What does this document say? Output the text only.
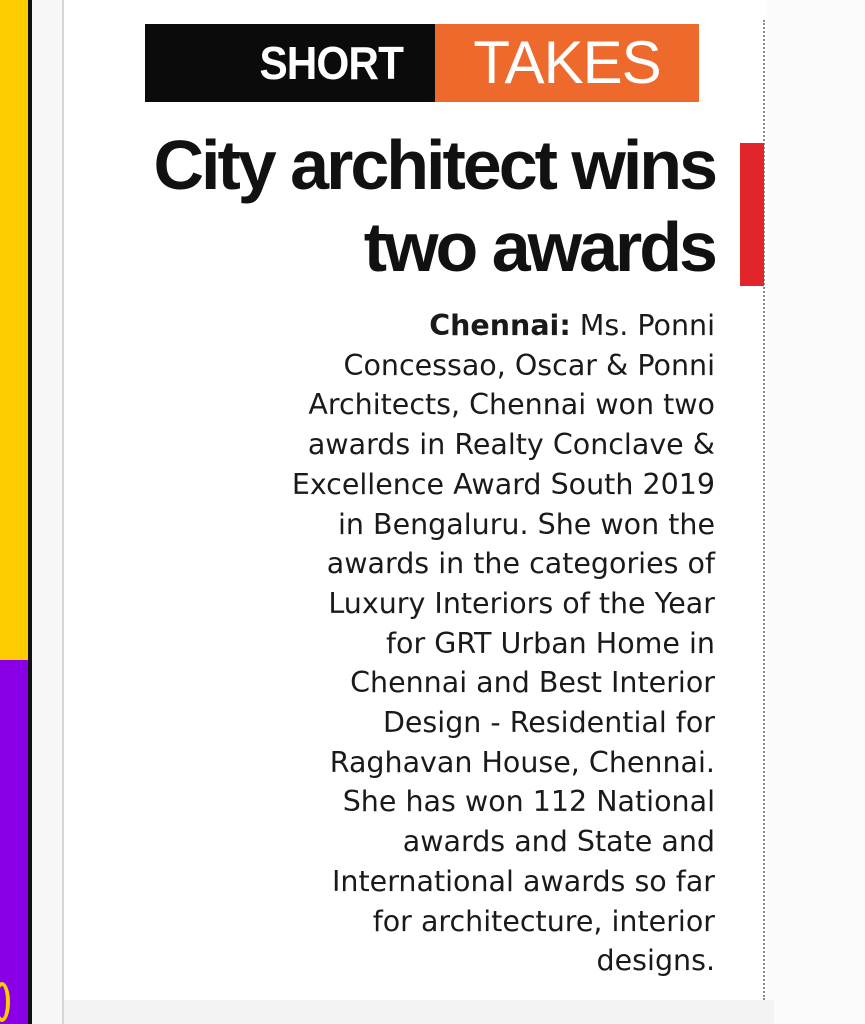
SHORT	TAKES
City architect wins
two awards
Chennai: Ms. Ponni
Concessao, Oscar & Ponni
Architects, Chennai won two
awards in Realty Conclave &
Excellence Award South 2019
in Bengaluru. She won the
awards in the categories of
Luxury Interiors of the Year
for GRT Urban Home in
Chennai and Best Interior
Design - Residential for
Raghavan House, Chennai.
She has won 112 National
awards and State and
International awards so far
for architecture, interior
designs.
